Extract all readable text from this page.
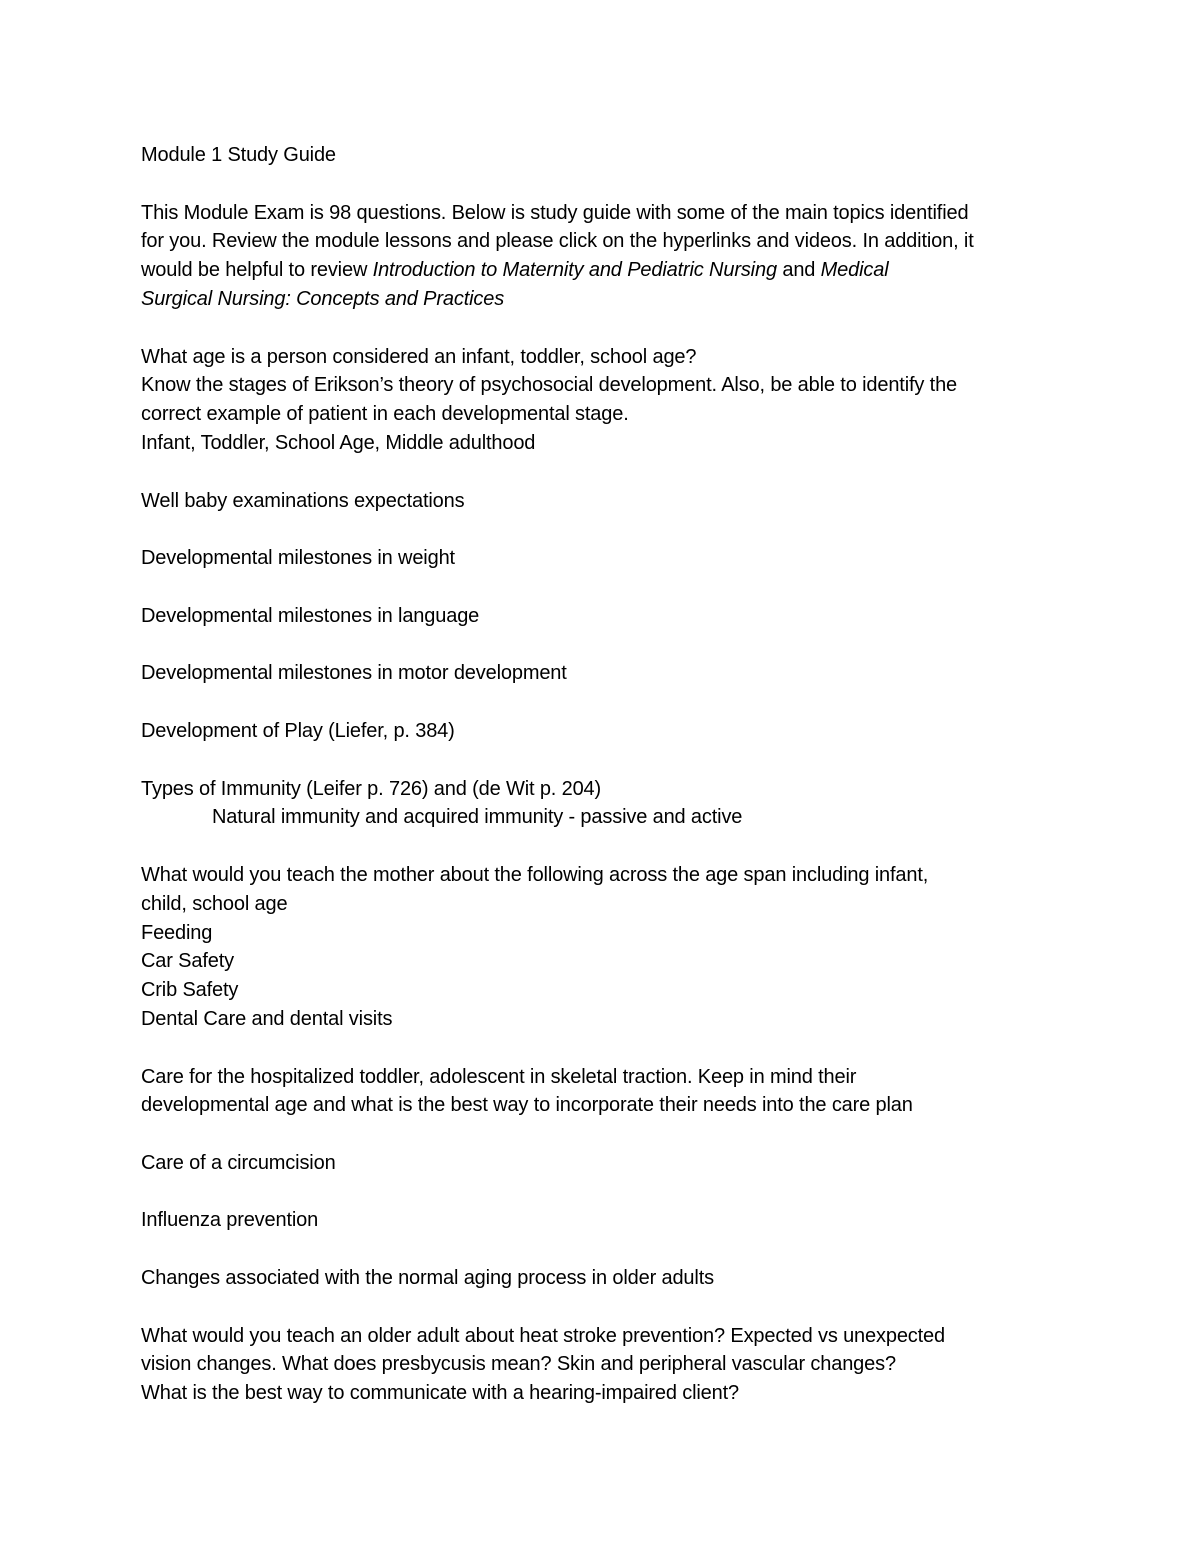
Module 1 Study Guide

This Module Exam is 98 questions. Below is study guide with some of the main topics identified
for you. Review the module lessons and please click on the hyperlinks and videos. In addition, it
would be helpful to review Introduction to Maternity and Pediatric Nursing and Medical
Surgical Nursing: Concepts and Practices

What age is a person considered an infant, toddler, school age?
Know the stages of Erikson’s theory of psychosocial development. Also, be able to identify the
correct example of patient in each developmental stage.
Infant, Toddler, School Age, Middle adulthood

Well baby examinations expectations

Developmental milestones in weight

Developmental milestones in language

Developmental milestones in motor development

Development of Play (Liefer, p. 384)

Types of Immunity (Leifer p. 726) and (de Wit p. 204)
Natural immunity and acquired immunity - passive and active

What would you teach the mother about the following across the age span including infant,
child, school age
Feeding
Car Safety
Crib Safety
Dental Care and dental visits

Care for the hospitalized toddler, adolescent in skeletal traction. Keep in mind their
developmental age and what is the best way to incorporate their needs into the care plan

Care of a circumcision

Influenza prevention

Changes associated with the normal aging process in older adults

What would you teach an older adult about heat stroke prevention? Expected vs unexpected
vision changes. What does presbycusis mean? Skin and peripheral vascular changes?
What is the best way to communicate with a hearing-impaired client?
